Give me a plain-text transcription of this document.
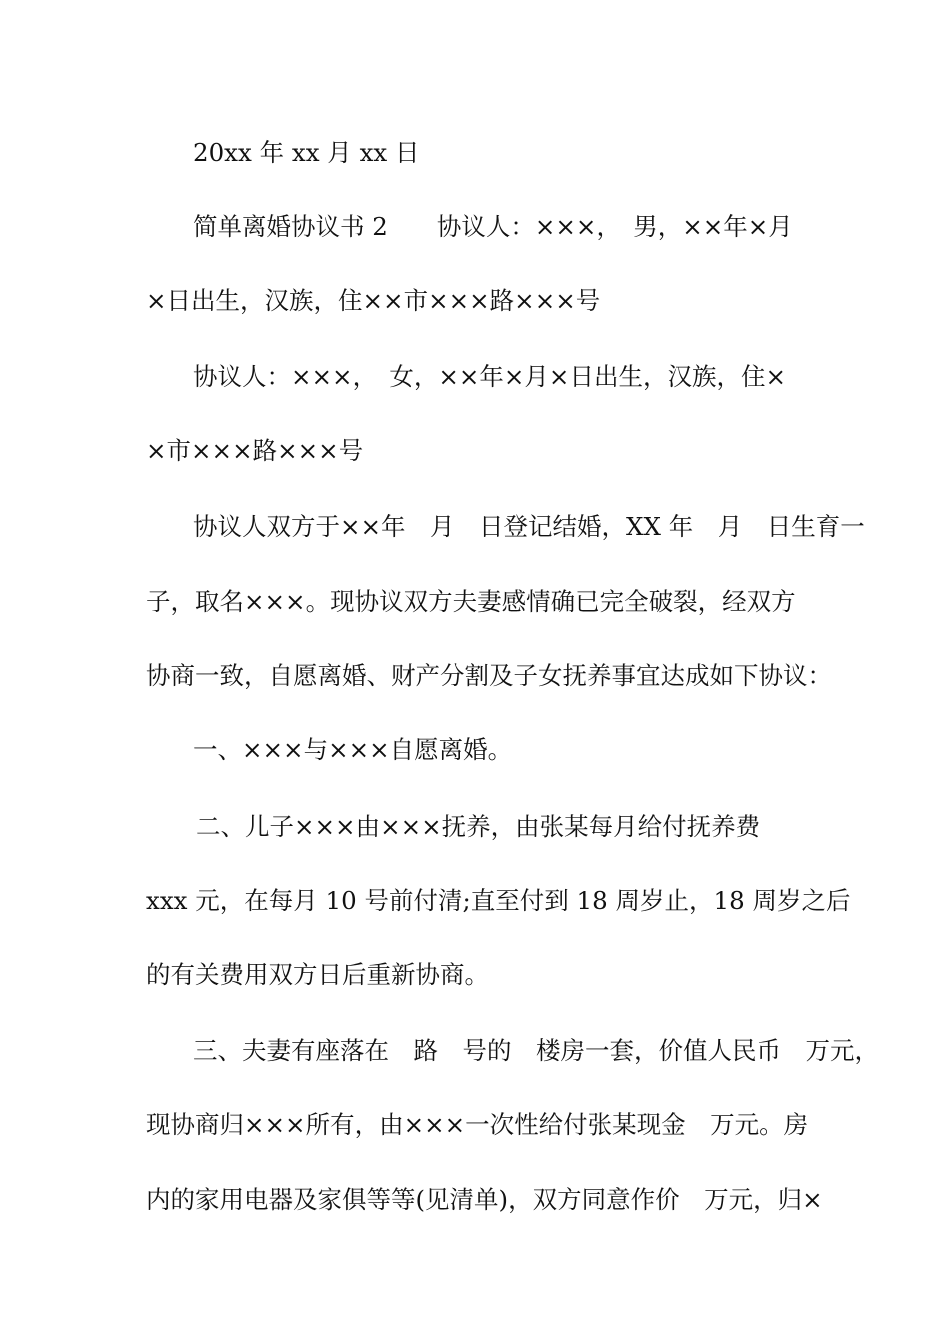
20xx 年 xx 月 xx 日
简单离婚协议书 2　　协议人：×××，　男，××年×月
×日出生，汉族，住××市×××路×××号
协议人：×××，　女，××年×月×日出生，汉族，住×
×市×××路×××号
协议人双方于××年　月　日登记结婚，XX 年　月　日生育一
子，取名×××。现协议双方夫妻感情确已完全破裂，经双方
协商一致，自愿离婚、财产分割及子女抚养事宜达成如下协议：
一、×××与×××自愿离婚。
二、儿子×××由×××抚养，由张某每月给付抚养费
xxx 元，在每月 10 号前付清;直至付到 18 周岁止，18 周岁之后
的有关费用双方日后重新协商。
三、夫妻有座落在　路　号的　楼房一套，价值人民币　万元，
现协商归×××所有，由×××一次性给付张某现金　万元。房
内的家用电器及家俱等等(见清单)，双方同意作价　万元，归×
